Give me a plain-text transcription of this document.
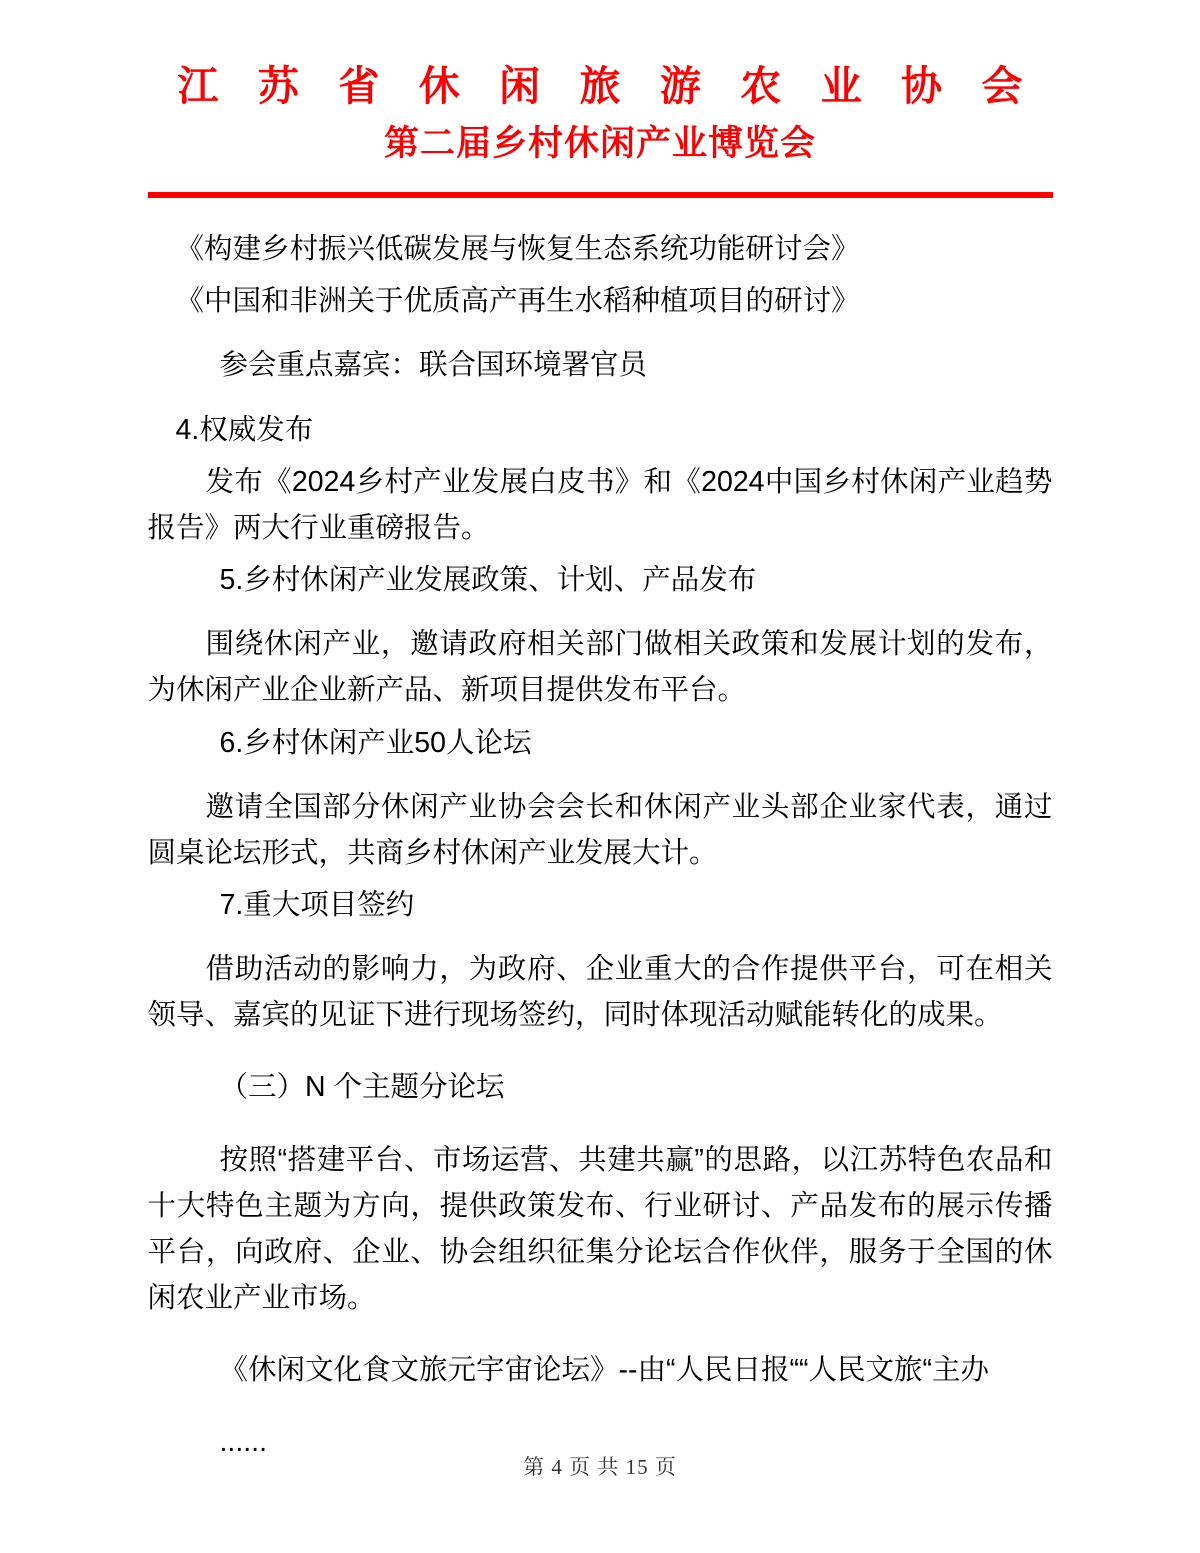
江 苏 省 休 闲 旅 游 农 业 协 会
第二届乡村休闲产业博览会

《构建乡村振兴低碳发展与恢复生态系统功能研讨会》

《中国和非洲关于优质高产再生水稻种植项目的研讨》

参会重点嘉宾：联合国环境署官员

4.权威发布

发布《2024乡村产业发展白皮书》和《2024中国乡村休闲产业趋势报告》两大行业重磅报告。

5.乡村休闲产业发展政策、计划、产品发布

围绕休闲产业，邀请政府相关部门做相关政策和发展计划的发布，为休闲产业企业新产品、新项目提供发布平台。

6.乡村休闲产业50人论坛

邀请全国部分休闲产业协会会长和休闲产业头部企业家代表，通过圆桌论坛形式，共商乡村休闲产业发展大计。

7.重大项目签约

借助活动的影响力，为政府、企业重大的合作提供平台，可在相关领导、嘉宾的见证下进行现场签约，同时体现活动赋能转化的成果。

（三）N 个主题分论坛

按照“搭建平台、市场运营、共建共赢”的思路，以江苏特色农品和十大特色主题为方向，提供政策发布、行业研讨、产品发布的展示传播平台，向政府、企业、协会组织征集分论坛合作伙伴，服务于全国的休闲农业产业市场。

《休闲文化食文旅元宇宙论坛》--由“人民日报““人民文旅“主办

......

第 4 页 共 15 页
